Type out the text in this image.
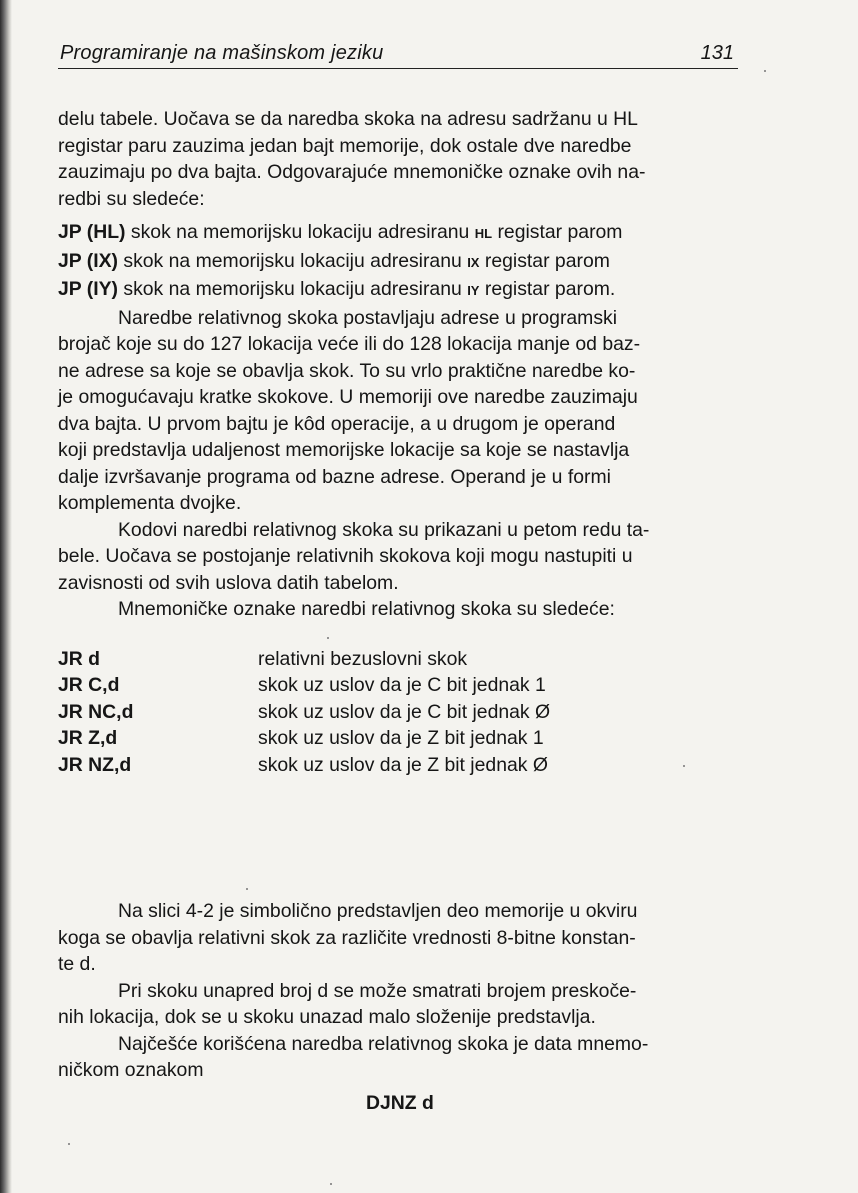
Programiranje na mašinskom jeziku	131

delu tabele. Uočava se da naredba skoka na adresu sadržanu u HL
registar paru zauzima jedan bajt memorije, dok ostale dve naredbe
zauzimaju po dva bajta. Odgovarajuće mnemoničke oznake ovih na-
redbi su sledeće:

JP (HL) skok na memorijsku lokaciju adresiranu HL registar parom
JP (IX) skok na memorijsku lokaciju adresiranu IX registar parom
JP (IY) skok na memorijsku lokaciju adresiranu IY registar parom.

Naredbe relativnog skoka postavljaju adrese u programski
brojač koje su do 127 lokacija veće ili do 128 lokacija manje od baz-
ne adrese sa koje se obavlja skok. To su vrlo praktične naredbe ko-
je omogućavaju kratke skokove. U memoriji ove naredbe zauzimaju
dva bajta. U prvom bajtu je kôd operacije, a u drugom je operand
koji predstavlja udaljenost memorijske lokacije sa koje se nastavlja
dalje izvršavanje programa od bazne adrese. Operand je u formi
komplementa dvojke.

Kodovi naredbi relativnog skoka su prikazani u petom redu ta-
bele. Uočava se postojanje relativnih skokova koji mogu nastupiti u
zavisnosti od svih uslova datih tabelom.

Mnemoničke oznake naredbi relativnog skoka su sledeće:

JR d	relativni bezuslovni skok
JR C,d	skok uz uslov da je C bit jednak 1
JR NC,d	skok uz uslov da je C bit jednak Ø
JR Z,d	skok uz uslov da je Z bit jednak 1
JR NZ,d	skok uz uslov da je Z bit jednak Ø

Na slici 4-2 je simbolično predstavljen deo memorije u okviru
koga se obavlja relativni skok za različite vrednosti 8-bitne konstan-
te d.

Pri skoku unapred broj d se može smatrati brojem preskoče-
nih lokacija, dok se u skoku unazad malo složenije predstavlja.

Najčešće korišćena naredba relativnog skoka je data mnemo-
ničkom oznakom

DJNZ d
